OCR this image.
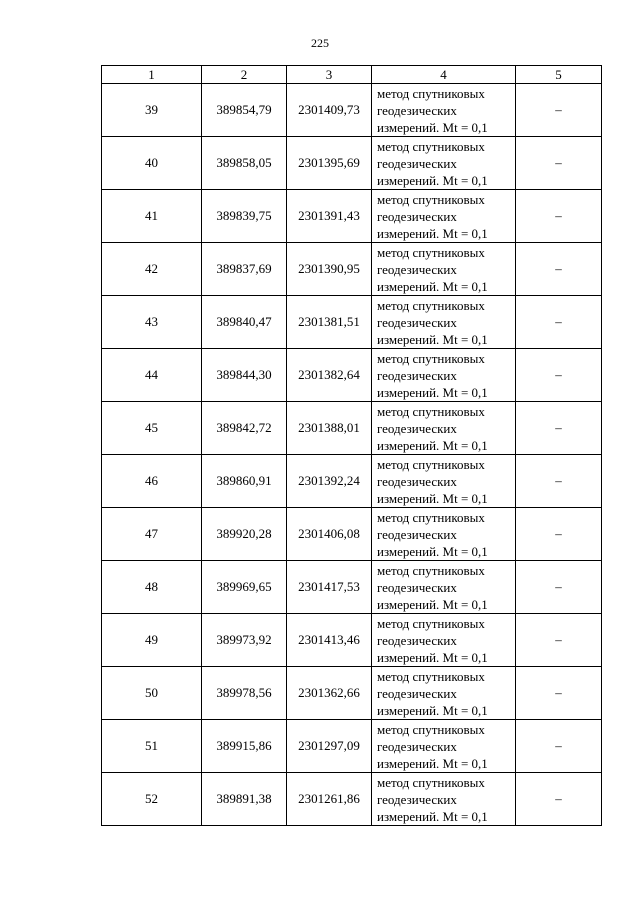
225
1	2	3	4	5
39	389854,79	2301409,73	метод спутниковых
геодезических
измерений. Mt = 0,1	–
40	389858,05	2301395,69	метод спутниковых
геодезических
измерений. Mt = 0,1	–
41	389839,75	2301391,43	метод спутниковых
геодезических
измерений. Mt = 0,1	–
42	389837,69	2301390,95	метод спутниковых
геодезических
измерений. Mt = 0,1	–
43	389840,47	2301381,51	метод спутниковых
геодезических
измерений. Mt = 0,1	–
44	389844,30	2301382,64	метод спутниковых
геодезических
измерений. Mt = 0,1	–
45	389842,72	2301388,01	метод спутниковых
геодезических
измерений. Mt = 0,1	–
46	389860,91	2301392,24	метод спутниковых
геодезических
измерений. Mt = 0,1	–
47	389920,28	2301406,08	метод спутниковых
геодезических
измерений. Mt = 0,1	–
48	389969,65	2301417,53	метод спутниковых
геодезических
измерений. Mt = 0,1	–
49	389973,92	2301413,46	метод спутниковых
геодезических
измерений. Mt = 0,1	–
50	389978,56	2301362,66	метод спутниковых
геодезических
измерений. Mt = 0,1	–
51	389915,86	2301297,09	метод спутниковых
геодезических
измерений. Mt = 0,1	–
52	389891,38	2301261,86	метод спутниковых
геодезических
измерений. Mt = 0,1	–
